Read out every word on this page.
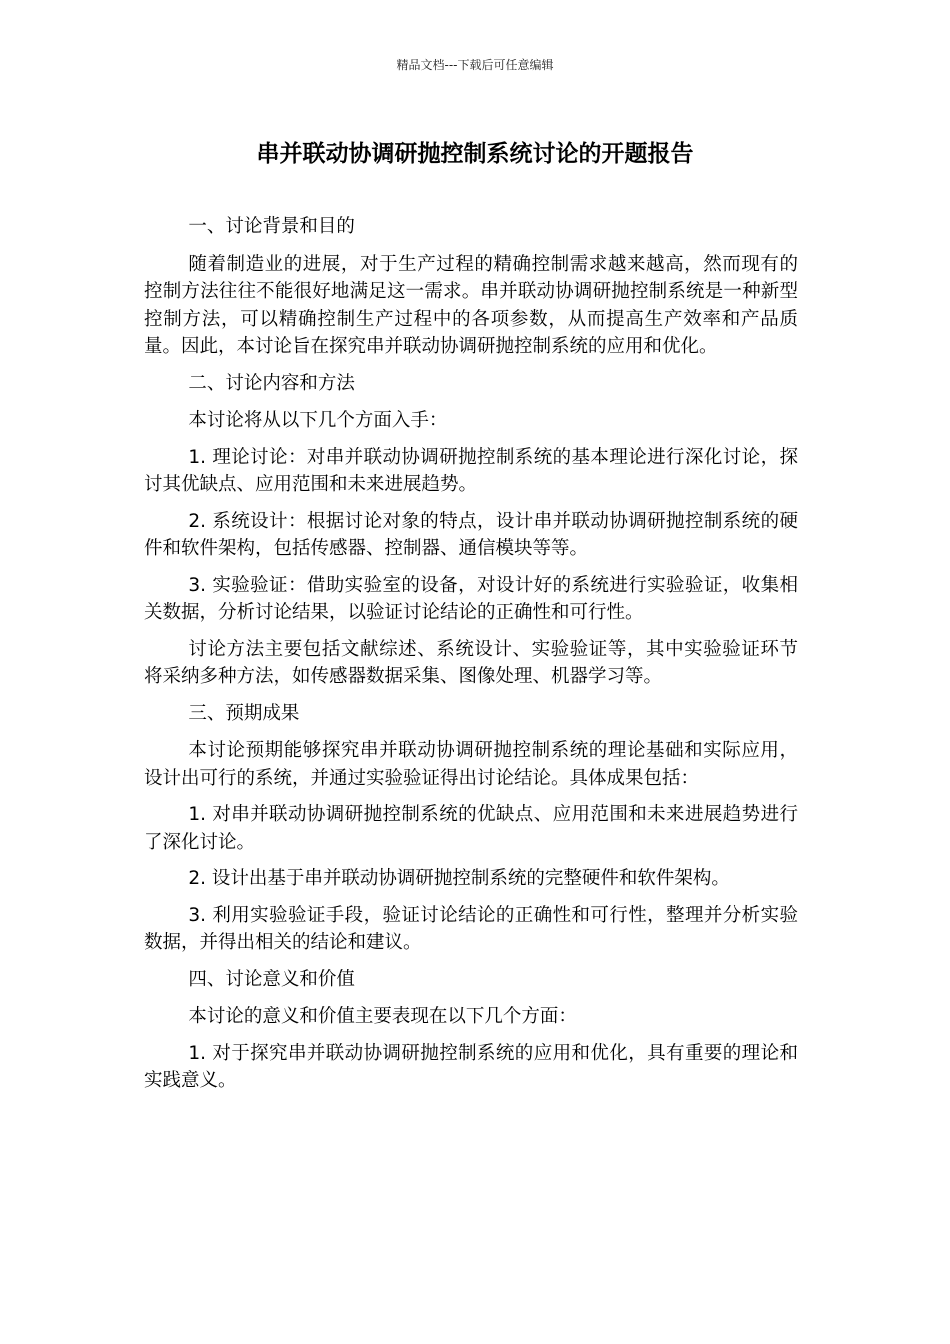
精品文档---下载后可任意编辑
串并联动协调研抛控制系统讨论的开题报告

一、讨论背景和目的

随着制造业的进展，对于生产过程的精确控制需求越来越高，然而现有的控制方法往往不能很好地满足这一需求。串并联动协调研抛控制系统是一种新型控制方法，可以精确控制生产过程中的各项参数，从而提高生产效率和产品质量。因此，本讨论旨在探究串并联动协调研抛控制系统的应用和优化。

二、讨论内容和方法

本讨论将从以下几个方面入手：

1. 理论讨论：对串并联动协调研抛控制系统的基本理论进行深化讨论，探讨其优缺点、应用范围和未来进展趋势。

2. 系统设计：根据讨论对象的特点，设计串并联动协调研抛控制系统的硬件和软件架构，包括传感器、控制器、通信模块等等。

3. 实验验证：借助实验室的设备，对设计好的系统进行实验验证，收集相关数据，分析讨论结果，以验证讨论结论的正确性和可行性。

讨论方法主要包括文献综述、系统设计、实验验证等，其中实验验证环节将采纳多种方法，如传感器数据采集、图像处理、机器学习等。

三、预期成果

本讨论预期能够探究串并联动协调研抛控制系统的理论基础和实际应用，设计出可行的系统，并通过实验验证得出讨论结论。具体成果包括：

1. 对串并联动协调研抛控制系统的优缺点、应用范围和未来进展趋势进行了深化讨论。

2. 设计出基于串并联动协调研抛控制系统的完整硬件和软件架构。

3. 利用实验验证手段，验证讨论结论的正确性和可行性，整理并分析实验数据，并得出相关的结论和建议。

四、讨论意义和价值

本讨论的意义和价值主要表现在以下几个方面：

1. 对于探究串并联动协调研抛控制系统的应用和优化，具有重要的理论和实践意义。
